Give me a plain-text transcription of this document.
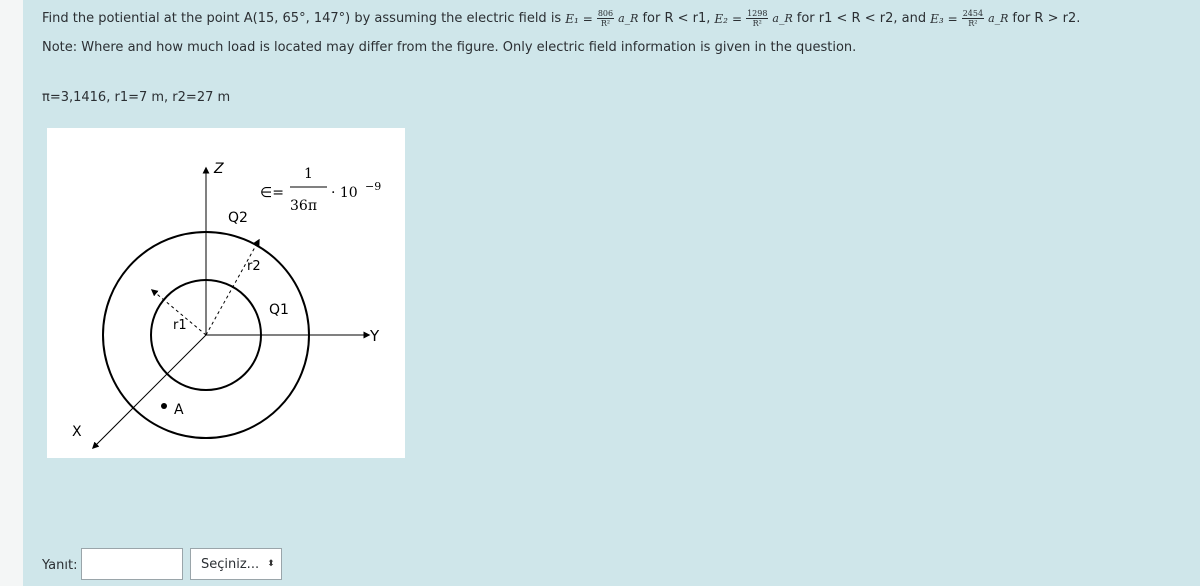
Find the potiential at the point A(15, 65°, 147°) by assuming the electric field is $E_1 = \frac{806}{\text{R²}}$ a_R for R < r1, $E_2 = \frac{1298}{\text{R²}}$ a_R for r1 < R < r2, and $E_3 = \frac{2454}{\text{R²}}$ a_R for R > r2.
Note: Where and how much load is located may differ from the figure. Only electric field information is given in the question.
π=3,1416, r1=7 m, r2=27 m
Z
Y
X
Q2
Q1
r2
r1
A
∈=
1
36π
· 10 −9
Yanıt:	Seçiniz... ⬍
